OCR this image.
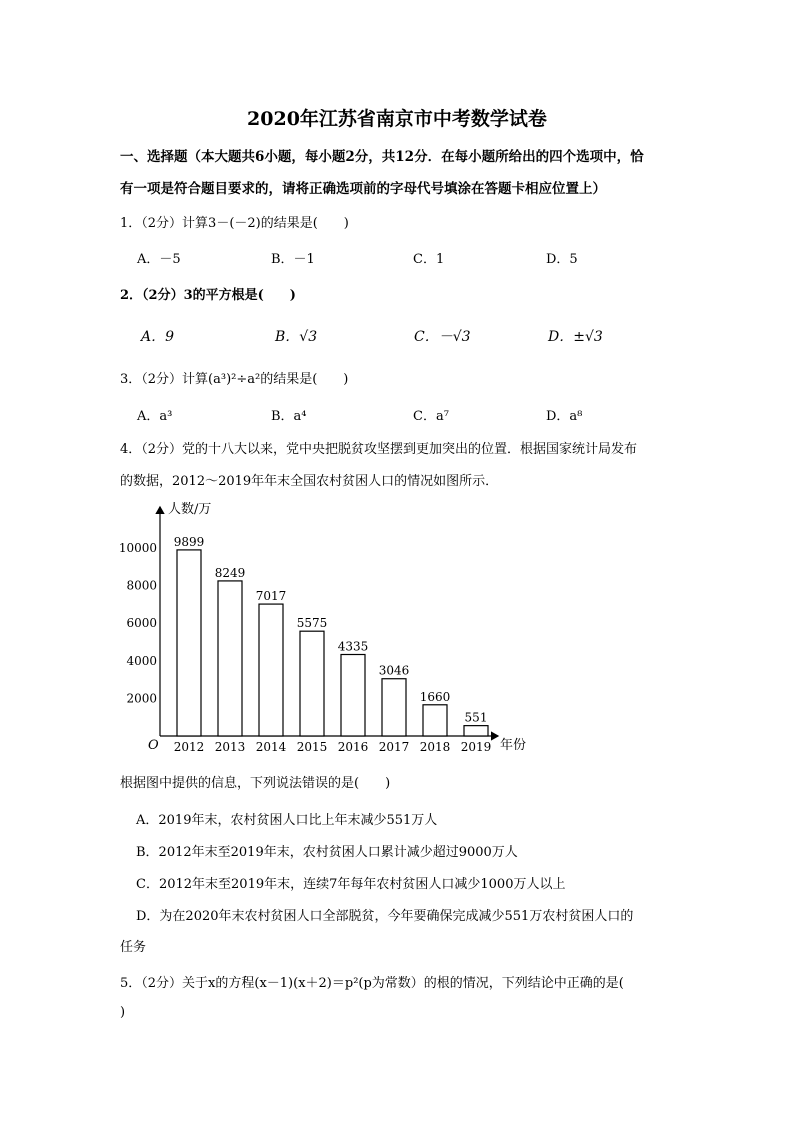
2020年江苏省南京市中考数学试卷
一、选择题（本大题共6小题，每小题2分，共12分．在每小题所给出的四个选项中，恰
有一项是符合题目要求的，请将正确选项前的字母代号填涂在答题卡相应位置上）
1．（2分）计算3－(－2)的结果是(　　)
A．－5	B．－1	C．1	D．5
2．（2分）3的平方根是(　　)
A．9	B．√3	C．－√3	D．±√3
3．（2分）计算(a³)²÷a²的结果是(　　)
A．a³	B．a⁴	C．a⁷	D．a⁸
4．（2分）党的十八大以来，党中央把脱贫攻坚摆到更加突出的位置．根据国家统计局发布
的数据，2012～2019年年末全国农村贫困人口的情况如图所示．
人数/万
年份
O
2000
4000
6000
8000
10000 9899
2012
8249
2013
7017
2014
5575
2015
4335
2016
3046
2017
1660
2018
551
2019
根据图中提供的信息，下列说法错误的是(　　)
A．2019年末，农村贫困人口比上年末减少551万人
B．2012年末至2019年末，农村贫困人口累计减少超过9000万人
C．2012年末至2019年末，连续7年每年农村贫困人口减少1000万人以上
D．为在2020年末农村贫困人口全部脱贫，今年要确保完成减少551万农村贫困人口的
任务
5．（2分）关于x的方程(x－1)(x＋2)＝p²(p为常数）的根的情况，下列结论中正确的是(
)
